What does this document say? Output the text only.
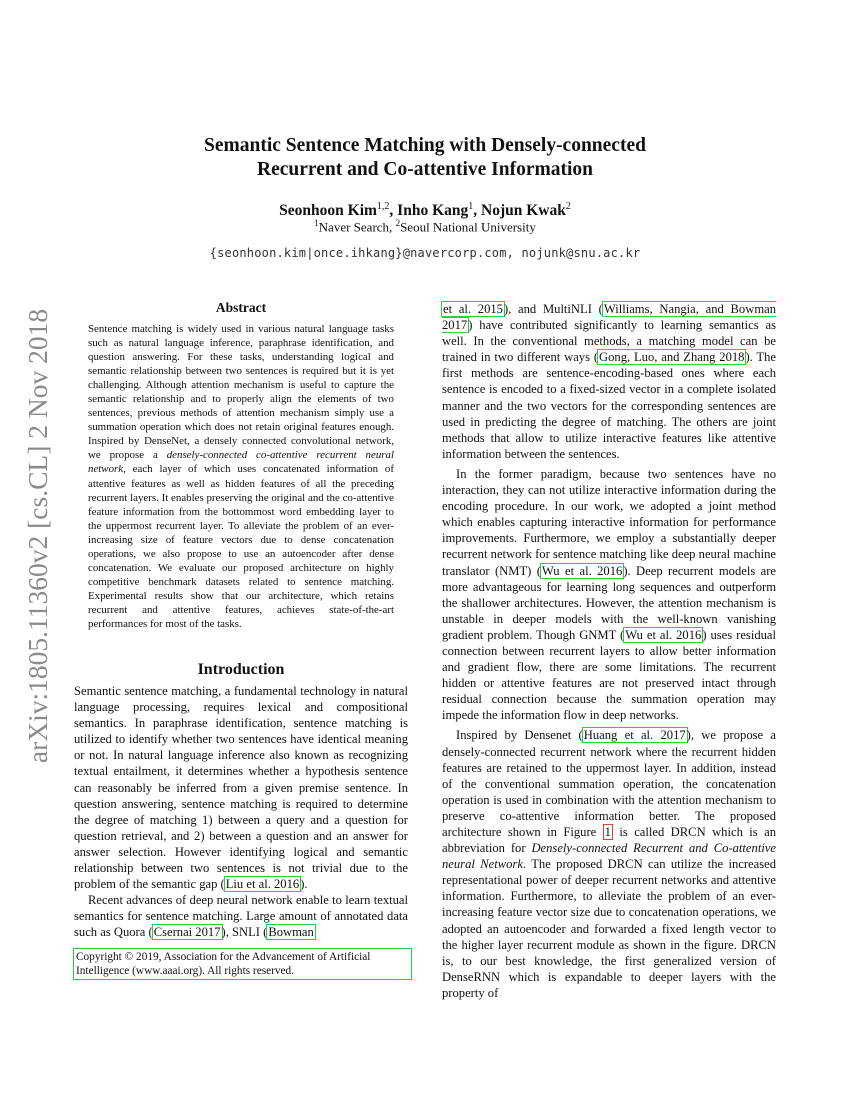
arXiv:1805.11360v2 [cs.CL] 2 Nov 2018
Semantic Sentence Matching with Densely-connected
Recurrent and Co-attentive Information
Seonhoon Kim$^{1,2}$, Inho Kang$^1$, Nojun Kwak$^2$
$^1$Naver Search, $^2$Seoul National University
{seonhoon.kim|once.ihkang}@navercorp.com, nojunk@snu.ac.kr
Abstract
Sentence matching is widely used in various natural language tasks such as natural language inference, paraphrase identification, and question answering. For these tasks, understanding logical and semantic relationship between two sentences is required but it is yet challenging. Although attention mechanism is useful to capture the semantic relationship and to properly align the elements of two sentences, previous methods of attention mechanism simply use a summation operation which does not retain original features enough. Inspired by DenseNet, a densely connected convolutional network, we propose a densely-connected co-attentive recurrent neural network, each layer of which uses concatenated information of attentive features as well as hidden features of all the preceding recurrent layers. It enables preserving the original and the co-attentive feature information from the bottommost word embedding layer to the uppermost recurrent layer. To alleviate the problem of an ever-increasing size of feature vectors due to dense concatenation operations, we also propose to use an autoencoder after dense concatenation. We evaluate our proposed architecture on highly competitive benchmark datasets related to sentence matching. Experimental results show that our architecture, which retains recurrent and attentive features, achieves state-of-the-art performances for most of the tasks.
Introduction

Semantic sentence matching, a fundamental technology in natural language processing, requires lexical and compositional semantics. In paraphrase identification, sentence matching is utilized to identify whether two sentences have identical meaning or not. In natural language inference also known as recognizing textual entailment, it determines whether a hypothesis sentence can reasonably be inferred from a given premise sentence. In question answering, sentence matching is required to determine the degree of matching 1) between a query and a question for question retrieval, and 2) between a question and an answer for answer selection. However identifying logical and semantic relationship between two sentences is not trivial due to the problem of the semantic gap (Liu et al. 2016).

Recent advances of deep neural network enable to learn textual semantics for sentence matching. Large amount of annotated data such as Quora (Csernai 2017), SNLI (Bowman

Copyright © 2019, Association for the Advancement of Artificial Intelligence (www.aaai.org). All rights reserved.

et al. 2015), and MultiNLI (Williams, Nangia, and Bowman 2017) have contributed significantly to learning semantics as well. In the conventional methods, a matching model can be trained in two different ways (Gong, Luo, and Zhang 2018). The first methods are sentence-encoding-based ones where each sentence is encoded to a fixed-sized vector in a complete isolated manner and the two vectors for the corresponding sentences are used in predicting the degree of matching. The others are joint methods that allow to utilize interactive features like attentive information between the sentences.

In the former paradigm, because two sentences have no interaction, they can not utilize interactive information during the encoding procedure. In our work, we adopted a joint method which enables capturing interactive information for performance improvements. Furthermore, we employ a substantially deeper recurrent network for sentence matching like deep neural machine translator (NMT) (Wu et al. 2016). Deep recurrent models are more advantageous for learning long sequences and outperform the shallower architectures. However, the attention mechanism is unstable in deeper models with the well-known vanishing gradient problem. Though GNMT (Wu et al. 2016) uses residual connection between recurrent layers to allow better information and gradient flow, there are some limitations. The recurrent hidden or attentive features are not preserved intact through residual connection because the summation operation may impede the information flow in deep networks.

Inspired by Densenet (Huang et al. 2017), we propose a densely-connected recurrent network where the recurrent hidden features are retained to the uppermost layer. In addition, instead of the conventional summation operation, the concatenation operation is used in combination with the attention mechanism to preserve co-attentive information better. The proposed architecture shown in Figure 1 is called DRCN which is an abbreviation for Densely-connected Recurrent and Co-attentive neural Network. The proposed DRCN can utilize the increased representational power of deeper recurrent networks and attentive information. Furthermore, to alleviate the problem of an ever-increasing feature vector size due to concatenation operations, we adopted an autoencoder and forwarded a fixed length vector to the higher layer recurrent module as shown in the figure. DRCN is, to our best knowledge, the first generalized version of DenseRNN which is expandable to deeper layers with the property of
